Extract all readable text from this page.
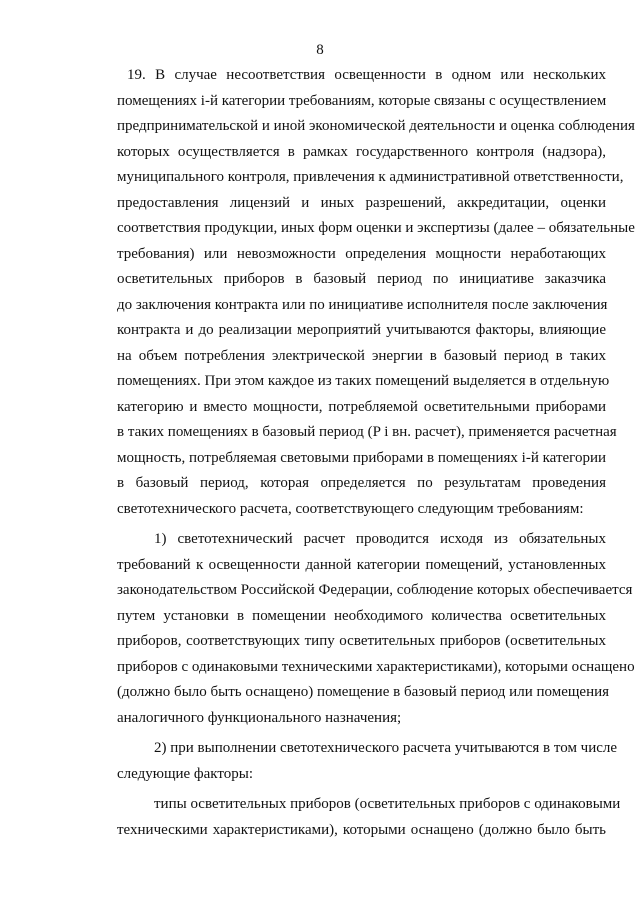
8
19. В случае несоответствия освещенности в одном или нескольких
помещениях i-й категории требованиям, которые связаны с осуществлением
предпринимательской и иной экономической деятельности и оценка соблюдения
которых осуществляется в рамках государственного контроля (надзора),
муниципального контроля, привлечения к административной ответственности,
предоставления лицензий и иных разрешений, аккредитации, оценки
соответствия продукции, иных форм оценки и экспертизы (далее – обязательные
требования) или невозможности определения мощности неработающих
осветительных приборов в базовый период по инициативе заказчика
до заключения контракта или по инициативе исполнителя после заключения
контракта и до реализации мероприятий учитываются факторы, влияющие
на объем потребления электрической энергии в базовый период в таких
помещениях. При этом каждое из таких помещений выделяется в отдельную
категорию и вместо мощности, потребляемой осветительными приборами
в таких помещениях в базовый период (P i вн. расчет), применяется расчетная
мощность, потребляемая световыми приборами в помещениях i-й категории
в базовый период, которая определяется по результатам проведения
светотехнического расчета, соответствующего следующим требованиям:
1) светотехнический расчет проводится исходя из обязательных
требований к освещенности данной категории помещений, установленных
законодательством Российской Федерации, соблюдение которых обеспечивается
путем установки в помещении необходимого количества осветительных
приборов, соответствующих типу осветительных приборов (осветительных
приборов с одинаковыми техническими характеристиками), которыми оснащено
(должно было быть оснащено) помещение в базовый период или помещения
аналогичного функционального назначения;
2) при выполнении светотехнического расчета учитываются в том числе
следующие факторы:
типы осветительных приборов (осветительных приборов с одинаковыми
техническими характеристиками), которыми оснащено (должно было быть
